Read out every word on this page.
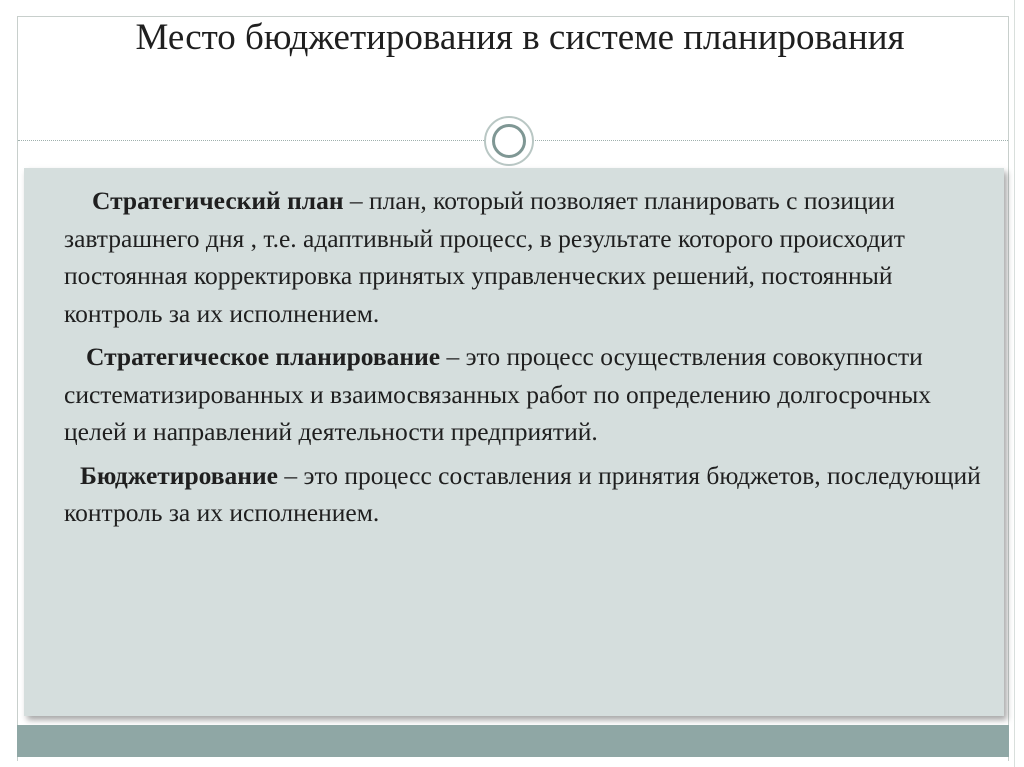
Место бюджетирования в системе планирования

Стратегический план – план, который позволяет планировать с позиции завтрашнего дня , т.е. адаптивный процесс, в результате которого происходит постоянная корректировка принятых управленческих решений, постоянный контроль за их исполнением.

Стратегическое планирование – это процесс осуществления совокупности систематизированных и взаимосвязанных работ по определению долгосрочных целей и направлений деятельности предприятий.

Бюджетирование – это процесс составления и принятия бюджетов, последующий контроль за их исполнением.
